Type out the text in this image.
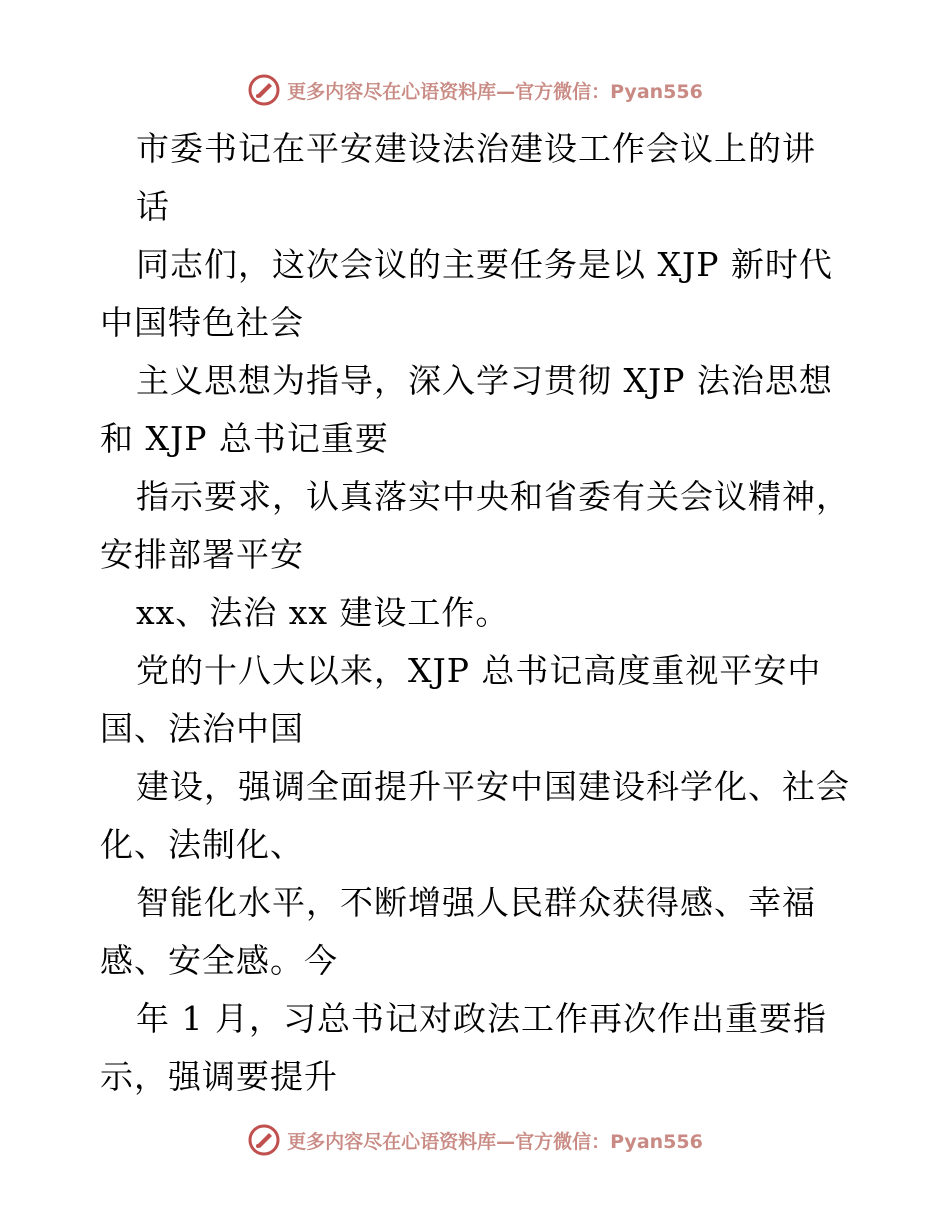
更多内容尽在心语资料库—官方微信：Pyan556
市委书记在平安建设法治建设工作会议上的讲
话
同志们，这次会议的主要任务是以 XJP 新时代
中国特色社会
主义思想为指导，深入学习贯彻 XJP 法治思想
和 XJP 总书记重要
指示要求，认真落实中央和省委有关会议精神，
安排部署平安
xx、法治 xx 建设工作。
党的十八大以来，XJP 总书记高度重视平安中
国、法治中国
建设，强调全面提升平安中国建设科学化、社会
化、法制化、
智能化水平，不断增强人民群众获得感、幸福
感、安全感。今
年 1 月，习总书记对政法工作再次作出重要指
示，强调要提升
更多内容尽在心语资料库—官方微信：Pyan556
